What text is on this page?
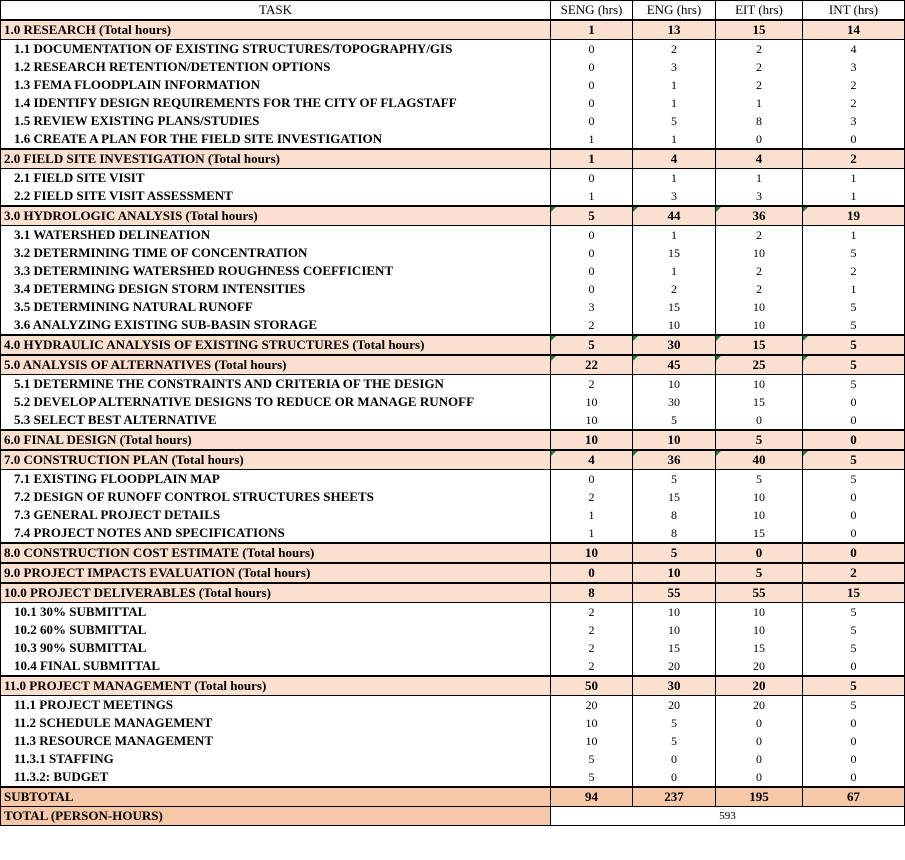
TASK	SENG (hrs)	ENG (hrs)	EIT (hrs)	INT (hrs)
1.0 RESEARCH (Total hours)	1	13	15	14
1.1 DOCUMENTATION OF EXISTING STRUCTURES/TOPOGRAPHY/GIS	0	2	2	4
1.2 RESEARCH RETENTION/DETENTION OPTIONS	0	3	2	3
1.3 FEMA FLOODPLAIN INFORMATION	0	1	2	2
1.4 IDENTIFY DESIGN REQUIREMENTS FOR THE CITY OF FLAGSTAFF	0	1	1	2
1.5 REVIEW EXISTING PLANS/STUDIES	0	5	8	3
1.6 CREATE A PLAN FOR THE FIELD SITE INVESTIGATION	1	1	0	0
2.0 FIELD SITE INVESTIGATION (Total hours)	1	4	4	2
2.1 FIELD SITE VISIT	0	1	1	1
2.2 FIELD SITE VISIT ASSESSMENT	1	3	3	1
3.0 HYDROLOGIC ANALYSIS (Total hours)	5	44	36	19
3.1 WATERSHED DELINEATION	0	1	2	1
3.2 DETERMINING TIME OF CONCENTRATION	0	15	10	5
3.3 DETERMINING WATERSHED ROUGHNESS COEFFICIENT	0	1	2	2
3.4 DETERMING DESIGN STORM INTENSITIES	0	2	2	1
3.5 DETERMINING NATURAL RUNOFF	3	15	10	5
3.6 ANALYZING EXISTING SUB-BASIN STORAGE	2	10	10	5
4.0 HYDRAULIC ANALYSIS OF EXISTING STRUCTURES (Total hours)	5	30	15	5
5.0 ANALYSIS OF ALTERNATIVES (Total hours)	22	45	25	5
5.1 DETERMINE THE CONSTRAINTS AND CRITERIA OF THE DESIGN	2	10	10	5
5.2 DEVELOP ALTERNATIVE DESIGNS TO REDUCE OR MANAGE RUNOFF	10	30	15	0
5.3 SELECT BEST ALTERNATIVE	10	5	0	0
6.0 FINAL DESIGN (Total hours)	10	10	5	0
7.0 CONSTRUCTION PLAN (Total hours)	4	36	40	5
7.1 EXISTING FLOODPLAIN MAP	0	5	5	5
7.2 DESIGN OF RUNOFF CONTROL STRUCTURES SHEETS	2	15	10	0
7.3 GENERAL PROJECT DETAILS	1	8	10	0
7.4 PROJECT NOTES AND SPECIFICATIONS	1	8	15	0
8.0 CONSTRUCTION COST ESTIMATE (Total hours)	10	5	0	0
9.0 PROJECT IMPACTS EVALUATION (Total hours)	0	10	5	2
10.0 PROJECT DELIVERABLES (Total hours)	8	55	55	15
10.1 30% SUBMITTAL	2	10	10	5
10.2 60% SUBMITTAL	2	10	10	5
10.3 90% SUBMITTAL	2	15	15	5
10.4 FINAL SUBMITTAL	2	20	20	0
11.0 PROJECT MANAGEMENT (Total hours)	50	30	20	5
11.1 PROJECT MEETINGS	20	20	20	5
11.2 SCHEDULE MANAGEMENT	10	5	0	0
11.3 RESOURCE MANAGEMENT	10	5	0	0
11.3.1 STAFFING	5	0	0	0
11.3.2: BUDGET	5	0	0	0
SUBTOTAL	94	237	195	67
TOTAL (PERSON-HOURS)	593			
